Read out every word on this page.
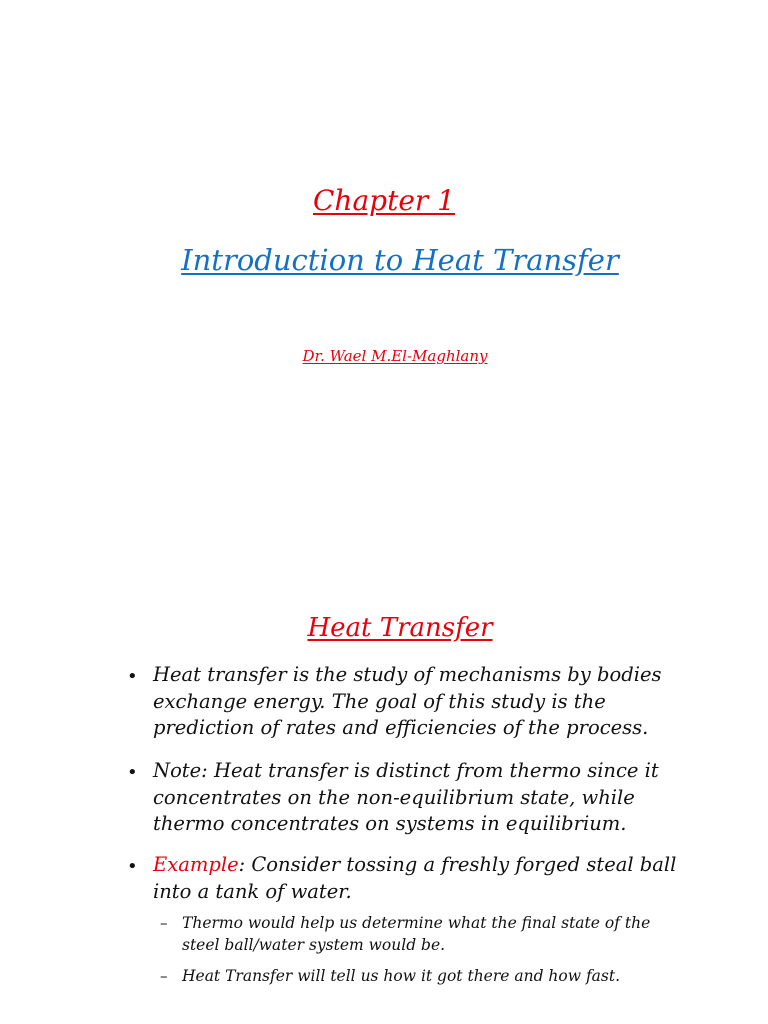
Chapter 1
Introduction to Heat Transfer
Dr. Wael M.El-Maghlany
Heat Transfer
• Heat transfer is the study of mechanisms by bodies exchange energy. The goal of this study is the prediction of rates and efficiencies of the process.
• Note: Heat transfer is distinct from thermo since it concentrates on the non-equilibrium state, while thermo concentrates on systems in equilibrium.
• Example: Consider tossing a freshly forged steal ball into a tank of water.
– Thermo would help us determine what the final state of the steel ball/water system would be.
– Heat Transfer will tell us how it got there and how fast.
